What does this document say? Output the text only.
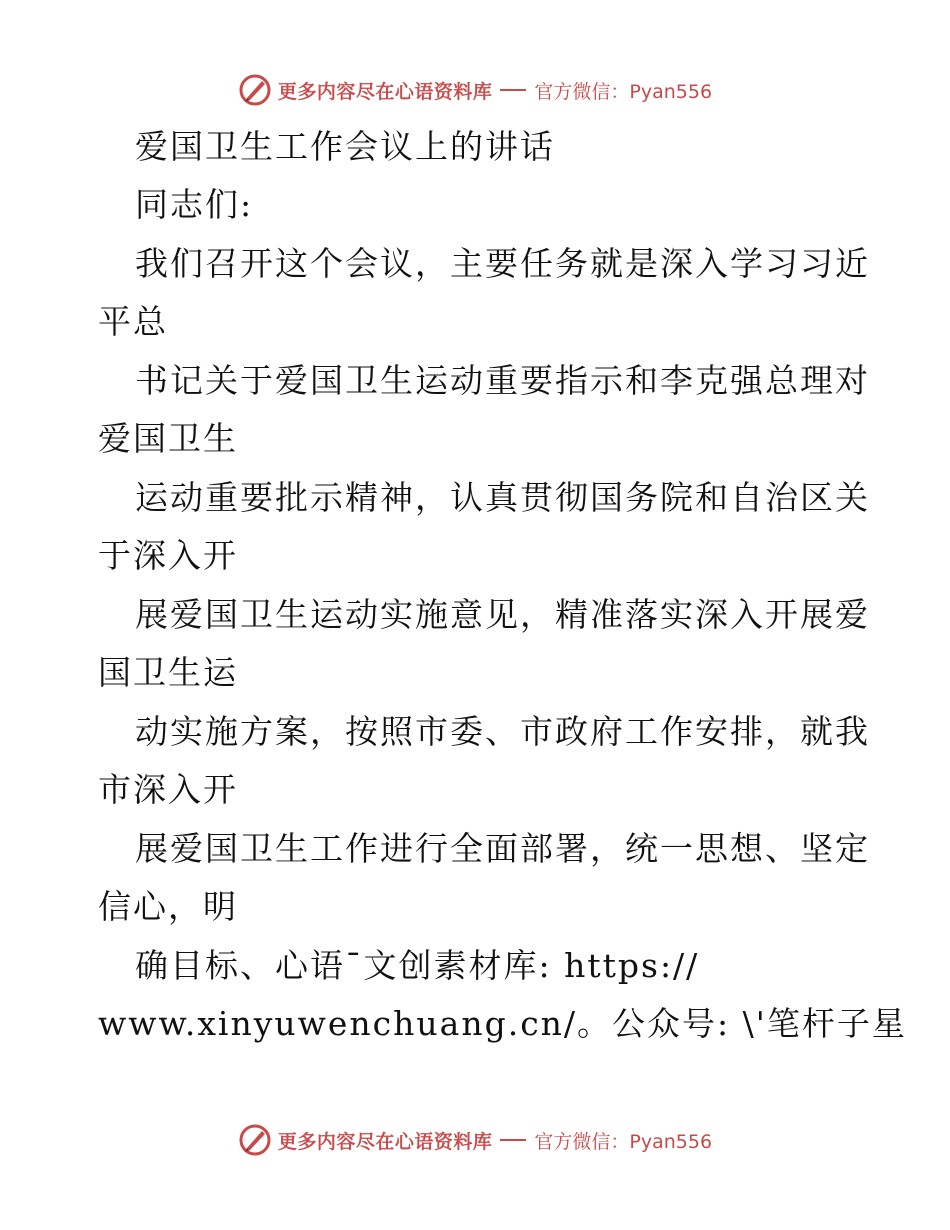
更多内容尽在心语资料库 官方微信：Pyan556
爱国卫生工作会议上的讲话
同志们:
我们召开这个会议，主要任务就是深入学习习近
平总
书记关于爱国卫生运动重要指示和李克强总理对
爱国卫生
运动重要批示精神，认真贯彻国务院和自治区关
于深入开
展爱国卫生运动实施意见，精准落实深入开展爱
国卫生运
动实施方案，按照市委、市政府工作安排，就我
市深入开
展爱国卫生工作进行全面部署，统一思想、坚定
信心，明
确目标、心语¯文创素材库: https://
www.xinyuwenchuang.cn/。公众号: \'笔杆子星
更多内容尽在心语资料库 官方微信：Pyan556
